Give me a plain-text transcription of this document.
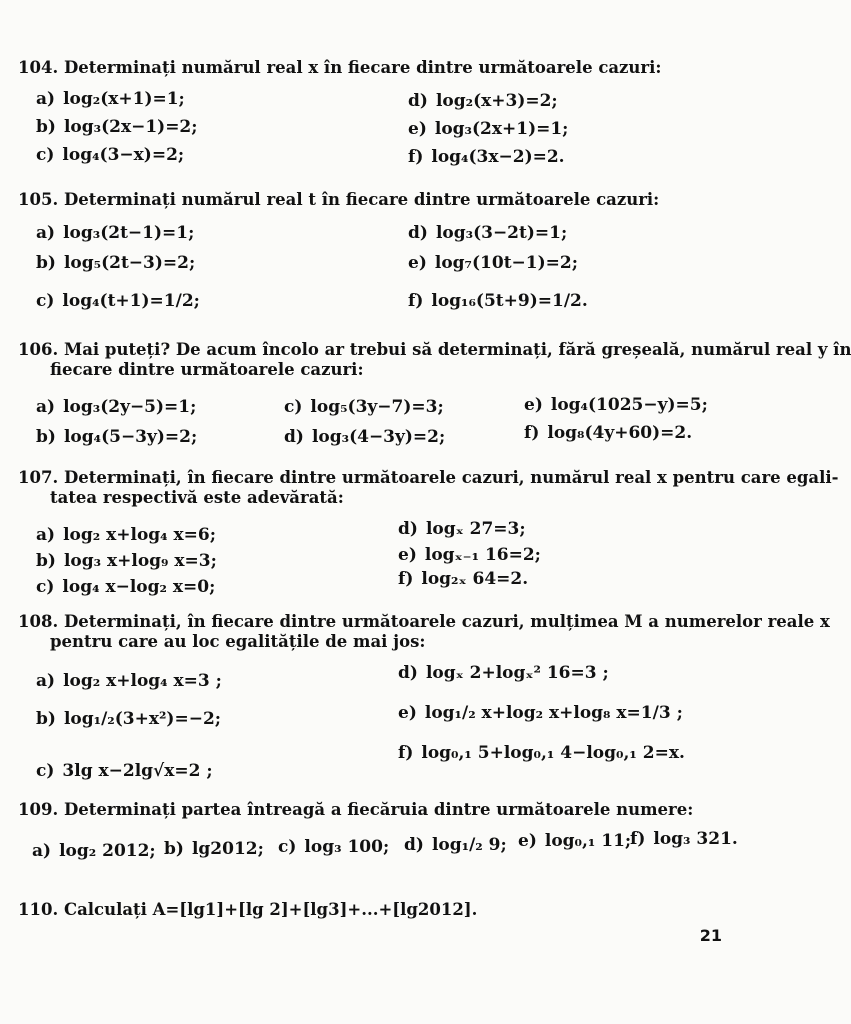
104. Determinați numărul real x în fiecare dintre următoarele cazuri:
a) log₂(x+1)=1;
b) log₃(2x−1)=2;
c) log₄(3−x)=2;
d) log₂(x+3)=2;
e) log₃(2x+1)=1;
f) log₄(3x−2)=2.
105. Determinați numărul real t în fiecare dintre următoarele cazuri:
a) log₃(2t−1)=1;
b) log₅(2t−3)=2;
c) log₄(t+1)=1/2;
d) log₃(3−2t)=1;
e) log₇(10t−1)=2;
f) log₁₆(5t+9)=1/2.
106. Mai puteți? De acum încolo ar trebui să determinați, fără greșeală, numărul real y în
fiecare dintre următoarele cazuri:
a) log₃(2y−5)=1;
b) log₄(5−3y)=2;
c) log₅(3y−7)=3;
d) log₃(4−3y)=2;
e) log₄(1025−y)=5;
f) log₈(4y+60)=2.
107. Determinați, în fiecare dintre următoarele cazuri, numărul real x pentru care egali-
tatea respectivă este adevărată:
a) log₂ x+log₄ x=6;
b) log₃ x+log₉ x=3;
c) log₄ x−log₂ x=0;
d) logₓ 27=3;
e) logₓ₋₁ 16=2;
f) log₂ₓ 64=2.
108. Determinați, în fiecare dintre următoarele cazuri, mulțimea M a numerelor reale x
pentru care au loc egalitățile de mai jos:
a) log₂ x+log₄ x=3 ;
b) log₁/₂(3+x²)=−2;
c) 3lg x−2lg√x=2 ;
d) logₓ 2+logₓ² 16=3 ;
e) log₁/₂ x+log₂ x+log₈ x=1/3 ;
f) log₀,₁ 5+log₀,₁ 4−log₀,₁ 2=x.
109. Determinați partea întreagă a fiecăruia dintre următoarele numere:
a) log₂ 2012; b) lg2012; c) log₃ 100; d) log₁/₂ 9; e) log₀,₁ 11;
f) log₃ 321.
110. Calculați A=[lg1]+[lg 2]+[lg3]+...+[lg2012].
21
